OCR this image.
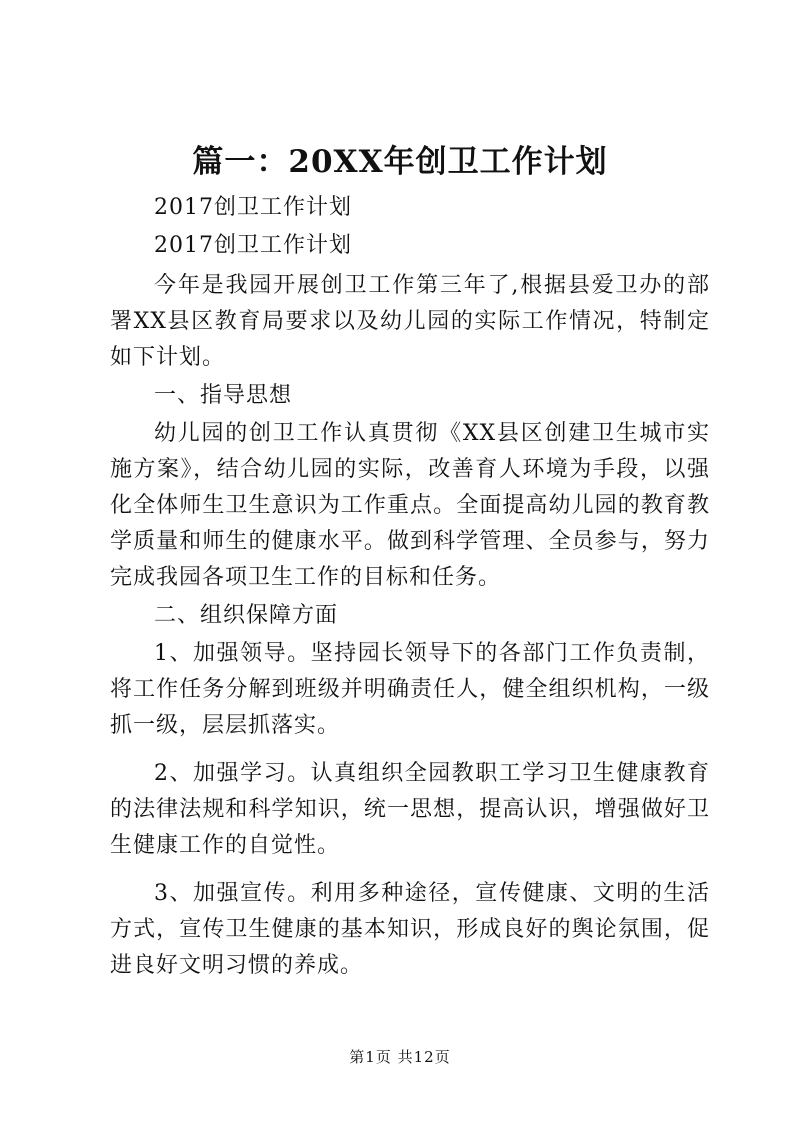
篇一：20XX年创卫工作计划

2017创卫工作计划

2017创卫工作计划

今年是我园开展创卫工作第三年了,根据县爱卫办的部署XX县区教育局要求以及幼儿园的实际工作情况，特制定如下计划。

一、指导思想

幼儿园的创卫工作认真贯彻《XX县区创建卫生城市实施方案》，结合幼儿园的实际，改善育人环境为手段，以强化全体师生卫生意识为工作重点。全面提高幼儿园的教育教学质量和师生的健康水平。做到科学管理、全员参与，努力完成我园各项卫生工作的目标和任务。

二、组织保障方面

1、加强领导。坚持园长领导下的各部门工作负责制，将工作任务分解到班级并明确责任人，健全组织机构，一级抓一级，层层抓落实。

2、加强学习。认真组织全园教职工学习卫生健康教育的法律法规和科学知识，统一思想，提高认识，增强做好卫生健康工作的自觉性。

3、加强宣传。利用多种途径，宣传健康、文明的生活方式，宣传卫生健康的基本知识，形成良好的舆论氛围，促进良好文明习惯的养成。

第1页 共12页
